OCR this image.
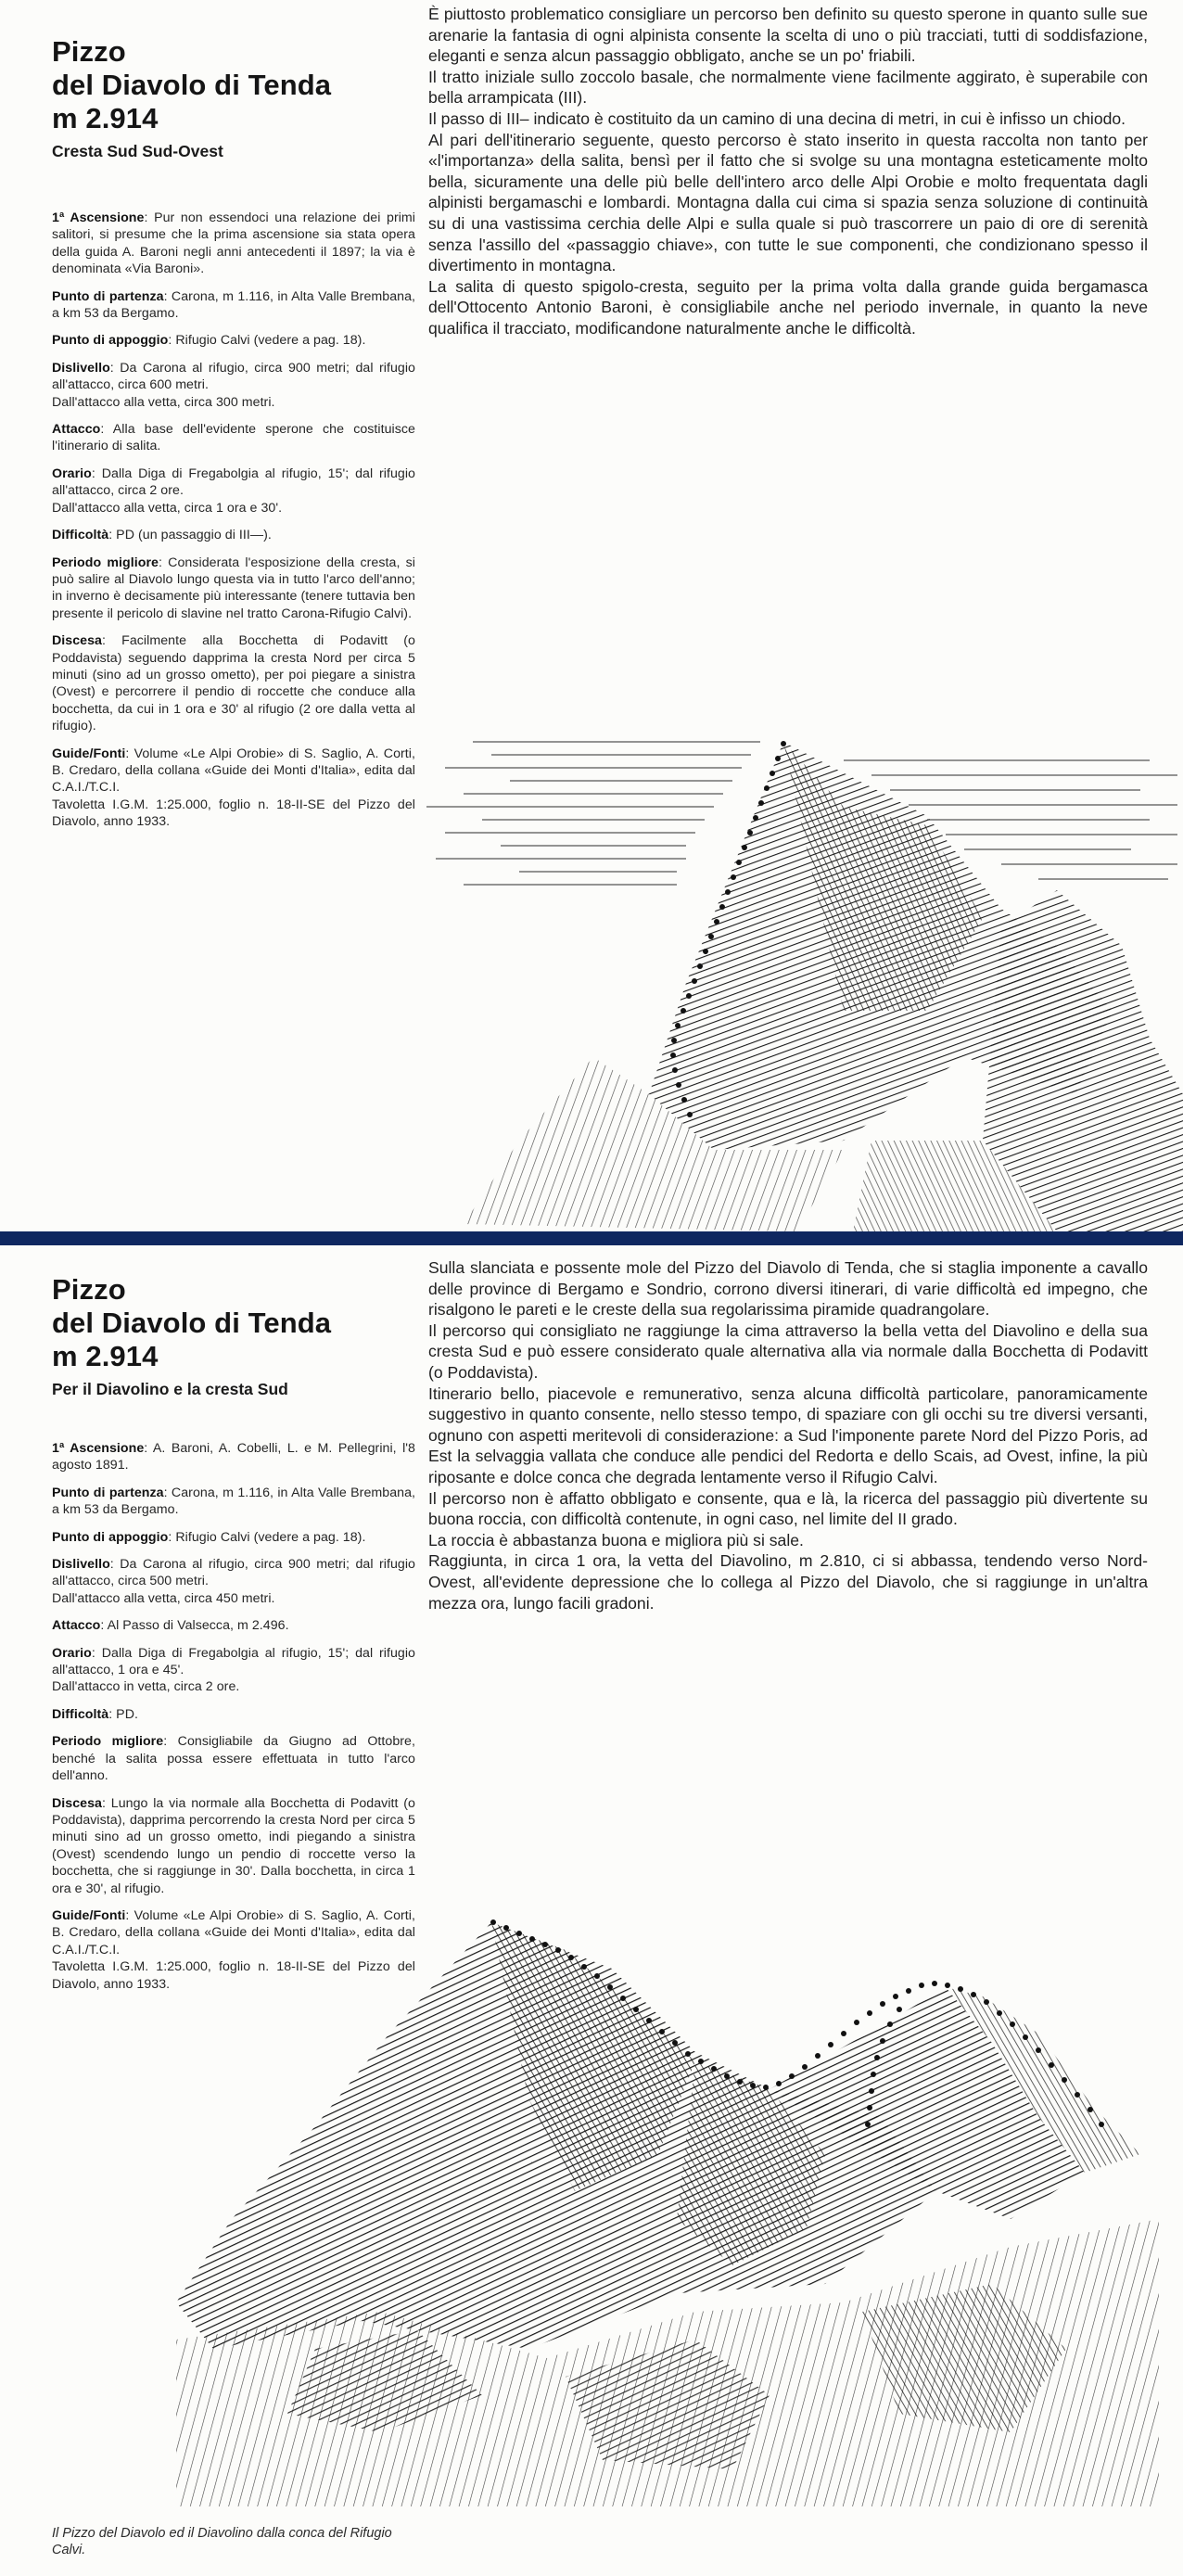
Pizzo
del Diavolo di Tenda
m 2.914
Cresta Sud Sud-Ovest

1ª Ascensione: Pur non essendoci una relazione dei primi salitori, si presume che la prima ascensione sia stata opera della guida A. Baroni negli anni antecedenti il 1897; la via è denominata «Via Baroni».

Punto di partenza: Carona, m 1.116, in Alta Valle Brembana, a km 53 da Bergamo.

Punto di appoggio: Rifugio Calvi (vedere a pag. 18).

Dislivello: Da Carona al rifugio, circa 900 metri; dal rifugio all'attacco, circa 600 metri.
Dall'attacco alla vetta, circa 300 metri.

Attacco: Alla base dell'evidente sperone che costituisce l'itinerario di salita.

Orario: Dalla Diga di Fregabolgia al rifugio, 15'; dal rifugio all'attacco, circa 2 ore.
Dall'attacco alla vetta, circa 1 ora e 30'.

Difficoltà: PD (un passaggio di III—).

Periodo migliore: Considerata l'esposizione della cresta, si può salire al Diavolo lungo questa via in tutto l'arco dell'anno; in inverno è decisamente più interessante (tenere tuttavia ben presente il pericolo di slavine nel tratto Carona-Rifugio Calvi).

Discesa: Facilmente alla Bocchetta di Podavitt (o Poddavista) seguendo dapprima la cresta Nord per circa 5 minuti (sino ad un grosso ometto), per poi piegare a sinistra (Ovest) e percorrere il pendio di roccette che conduce alla bocchetta, da cui in 1 ora e 30' al rifugio (2 ore dalla vetta al rifugio).

Guide/Fonti: Volume «Le Alpi Orobie» di S. Saglio, A. Corti, B. Credaro, della collana «Guide dei Monti d'Italia», edita dal C.A.I./T.C.I.
Tavoletta I.G.M. 1:25.000, foglio n. 18-II-SE del Pizzo del Diavolo, anno 1933.

È piuttosto problematico consigliare un percorso ben definito su questo sperone in quanto sulle sue arenarie la fantasia di ogni alpinista consente la scelta di uno o più tracciati, tutti di soddisfazione, eleganti e senza alcun passaggio obbligato, anche se un po' friabili.
Il tratto iniziale sullo zoccolo basale, che normalmente viene facilmente aggirato, è superabile con bella arrampicata (III).
Il passo di III– indicato è costituito da un camino di una decina di metri, in cui è infisso un chiodo.
Al pari dell'itinerario seguente, questo percorso è stato inserito in questa raccolta non tanto per «l'importanza» della salita, bensì per il fatto che si svolge su una montagna esteticamente molto bella, sicuramente una delle più belle dell'intero arco delle Alpi Orobie e molto frequentata dagli alpinisti bergamaschi e lombardi. Montagna dalla cui cima si spazia senza soluzione di continuità su di una vastissima cerchia delle Alpi e sulla quale si può trascorrere un paio di ore di serenità senza l'assillo del «passaggio chiave», con tutte le sue componenti, che condizionano spesso il divertimento in montagna.
La salita di questo spigolo-cresta, seguito per la prima volta dalla grande guida bergamasca dell'Ottocento Antonio Baroni, è consigliabile anche nel periodo invernale, in quanto la neve qualifica il tracciato, modificandone naturalmente anche le difficoltà.
Pizzo
del Diavolo di Tenda
m 2.914
Per il Diavolino e la cresta Sud

1ª Ascensione: A. Baroni, A. Cobelli, L. e M. Pellegrini, l'8 agosto 1891.

Punto di partenza: Carona, m 1.116, in Alta Valle Brembana, a km 53 da Bergamo.

Punto di appoggio: Rifugio Calvi (vedere a pag. 18).

Dislivello: Da Carona al rifugio, circa 900 metri; dal rifugio all'attacco, circa 500 metri.
Dall'attacco alla vetta, circa 450 metri.

Attacco: Al Passo di Valsecca, m 2.496.

Orario: Dalla Diga di Fregabolgia al rifugio, 15'; dal rifugio all'attacco, 1 ora e 45'.
Dall'attacco in vetta, circa 2 ore.

Difficoltà: PD.

Periodo migliore: Consigliabile da Giugno ad Ottobre, benché la salita possa essere effettuata in tutto l'arco dell'anno.

Discesa: Lungo la via normale alla Bocchetta di Podavitt (o Poddavista), dapprima percorrendo la cresta Nord per circa 5 minuti sino ad un grosso ometto, indi piegando a sinistra (Ovest) scendendo lungo un pendio di roccette verso la bocchetta, che si raggiunge in 30'. Dalla bocchetta, in circa 1 ora e 30', al rifugio.

Guide/Fonti: Volume «Le Alpi Orobie» di S. Saglio, A. Corti, B. Credaro, della collana «Guide dei Monti d'Italia», edita dal C.A.I./T.C.I.
Tavoletta I.G.M. 1:25.000, foglio n. 18-II-SE del Pizzo del Diavolo, anno 1933.

Sulla slanciata e possente mole del Pizzo del Diavolo di Tenda, che si staglia imponente a cavallo delle province di Bergamo e Sondrio, corrono diversi itinerari, di varie difficoltà ed impegno, che risalgono le pareti e le creste della sua regolarissima piramide quadrangolare.
Il percorso qui consigliato ne raggiunge la cima attraverso la bella vetta del Diavolino e della sua cresta Sud e può essere considerato quale alternativa alla via normale dalla Bocchetta di Podavitt (o Poddavista).
Itinerario bello, piacevole e remunerativo, senza alcuna difficoltà particolare, panoramicamente suggestivo in quanto consente, nello stesso tempo, di spaziare con gli occhi su tre diversi versanti, ognuno con aspetti meritevoli di considerazione: a Sud l'imponente parete Nord del Pizzo Poris, ad Est la selvaggia vallata che conduce alle pendici del Redorta e dello Scais, ad Ovest, infine, la più riposante e dolce conca che degrada lentamente verso il Rifugio Calvi.
Il percorso non è affatto obbligato e consente, qua e là, la ricerca del passaggio più divertente su buona roccia, con difficoltà contenute, in ogni caso, nel limite del II grado.
La roccia è abbastanza buona e migliora più si sale.
Raggiunta, in circa 1 ora, la vetta del Diavolino, m 2.810, ci si abbassa, tendendo verso Nord-Ovest, all'evidente depressione che lo collega al Pizzo del Diavolo, che si raggiunge in un'altra mezza ora, lungo facili gradoni.
Il Pizzo del Diavolo ed il Diavolino dalla conca del Rifugio Calvi.
